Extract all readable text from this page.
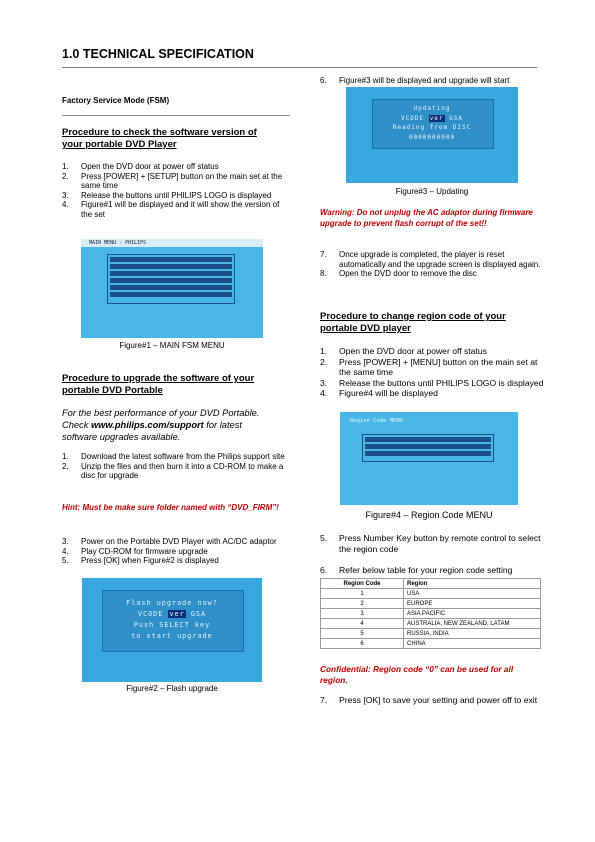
1.0 TECHNICAL SPECIFICATION
Factory Service Mode (FSM)
Procedure to check the software version of
your portable DVD Player
1. Open the DVD door at power off status
2. Press [POWER] + [SETUP] button on the main set at the same time
3. Release the buttons until PHILIPS LOGO is displayed
4. Figure#1 will be displayed and it will show the version of the set
MAIN MENU - PHILIPS
Figure#1 – MAIN FSM MENU
Procedure to upgrade the software of your
portable DVD Portable
For the best performance of your DVD Portable.
Check www.philips.com/support for latest
software upgrades available.
1. Download the latest software from the Philips support site
2. Unzip the files and then burn it into a CD-ROM to make a disc for upgrade
Hint: Must be make sure folder named with “DVD_FIRM”!
3. Power on the Portable DVD Player with AC/DC adaptor
4. Play CD-ROM for firmware upgrade
5. Press [OK] when Figure#2 is displayed
Flash upgrade now?
VCODE ver GSA
Push SELECT key
to start upgrade
Figure#2 – Flash upgrade
6. Figure#3 will be displayed and upgrade will start
Updating
VCODE ver GSA
Reading from DISC
0000000000
Figure#3 – Updating
Warning: Do not unplug the AC adaptor during firmware upgrade to prevent flash corrupt of the set!!
7. Once upgrade is completed, the player is reset automatically and the upgrade screen is displayed again.
8. Open the DVD door to remove the disc
Procedure to change region code of your
portable DVD player
1. Open the DVD door at power off status
2. Press [POWER] + [MENU] button on the main set at the same time
3. Release the buttons until PHILIPS LOGO is displayed
4. Figure#4 will be displayed
Region Code MENU
Figure#4 – Region Code MENU
5. Press Number Key button by remote control to select the region code
6. Refer below table for your region code setting
Region Code	Region
1	USA
2	EUROPE
3	ASIA PACIFIC
4	AUSTRALIA, NEW ZEALAND, LATAM
5	RUSSIA, INDIA
6	CHINA
Confidential: Region code “0” can be used for all region.
7. Press [OK] to save your setting and power off to exit
